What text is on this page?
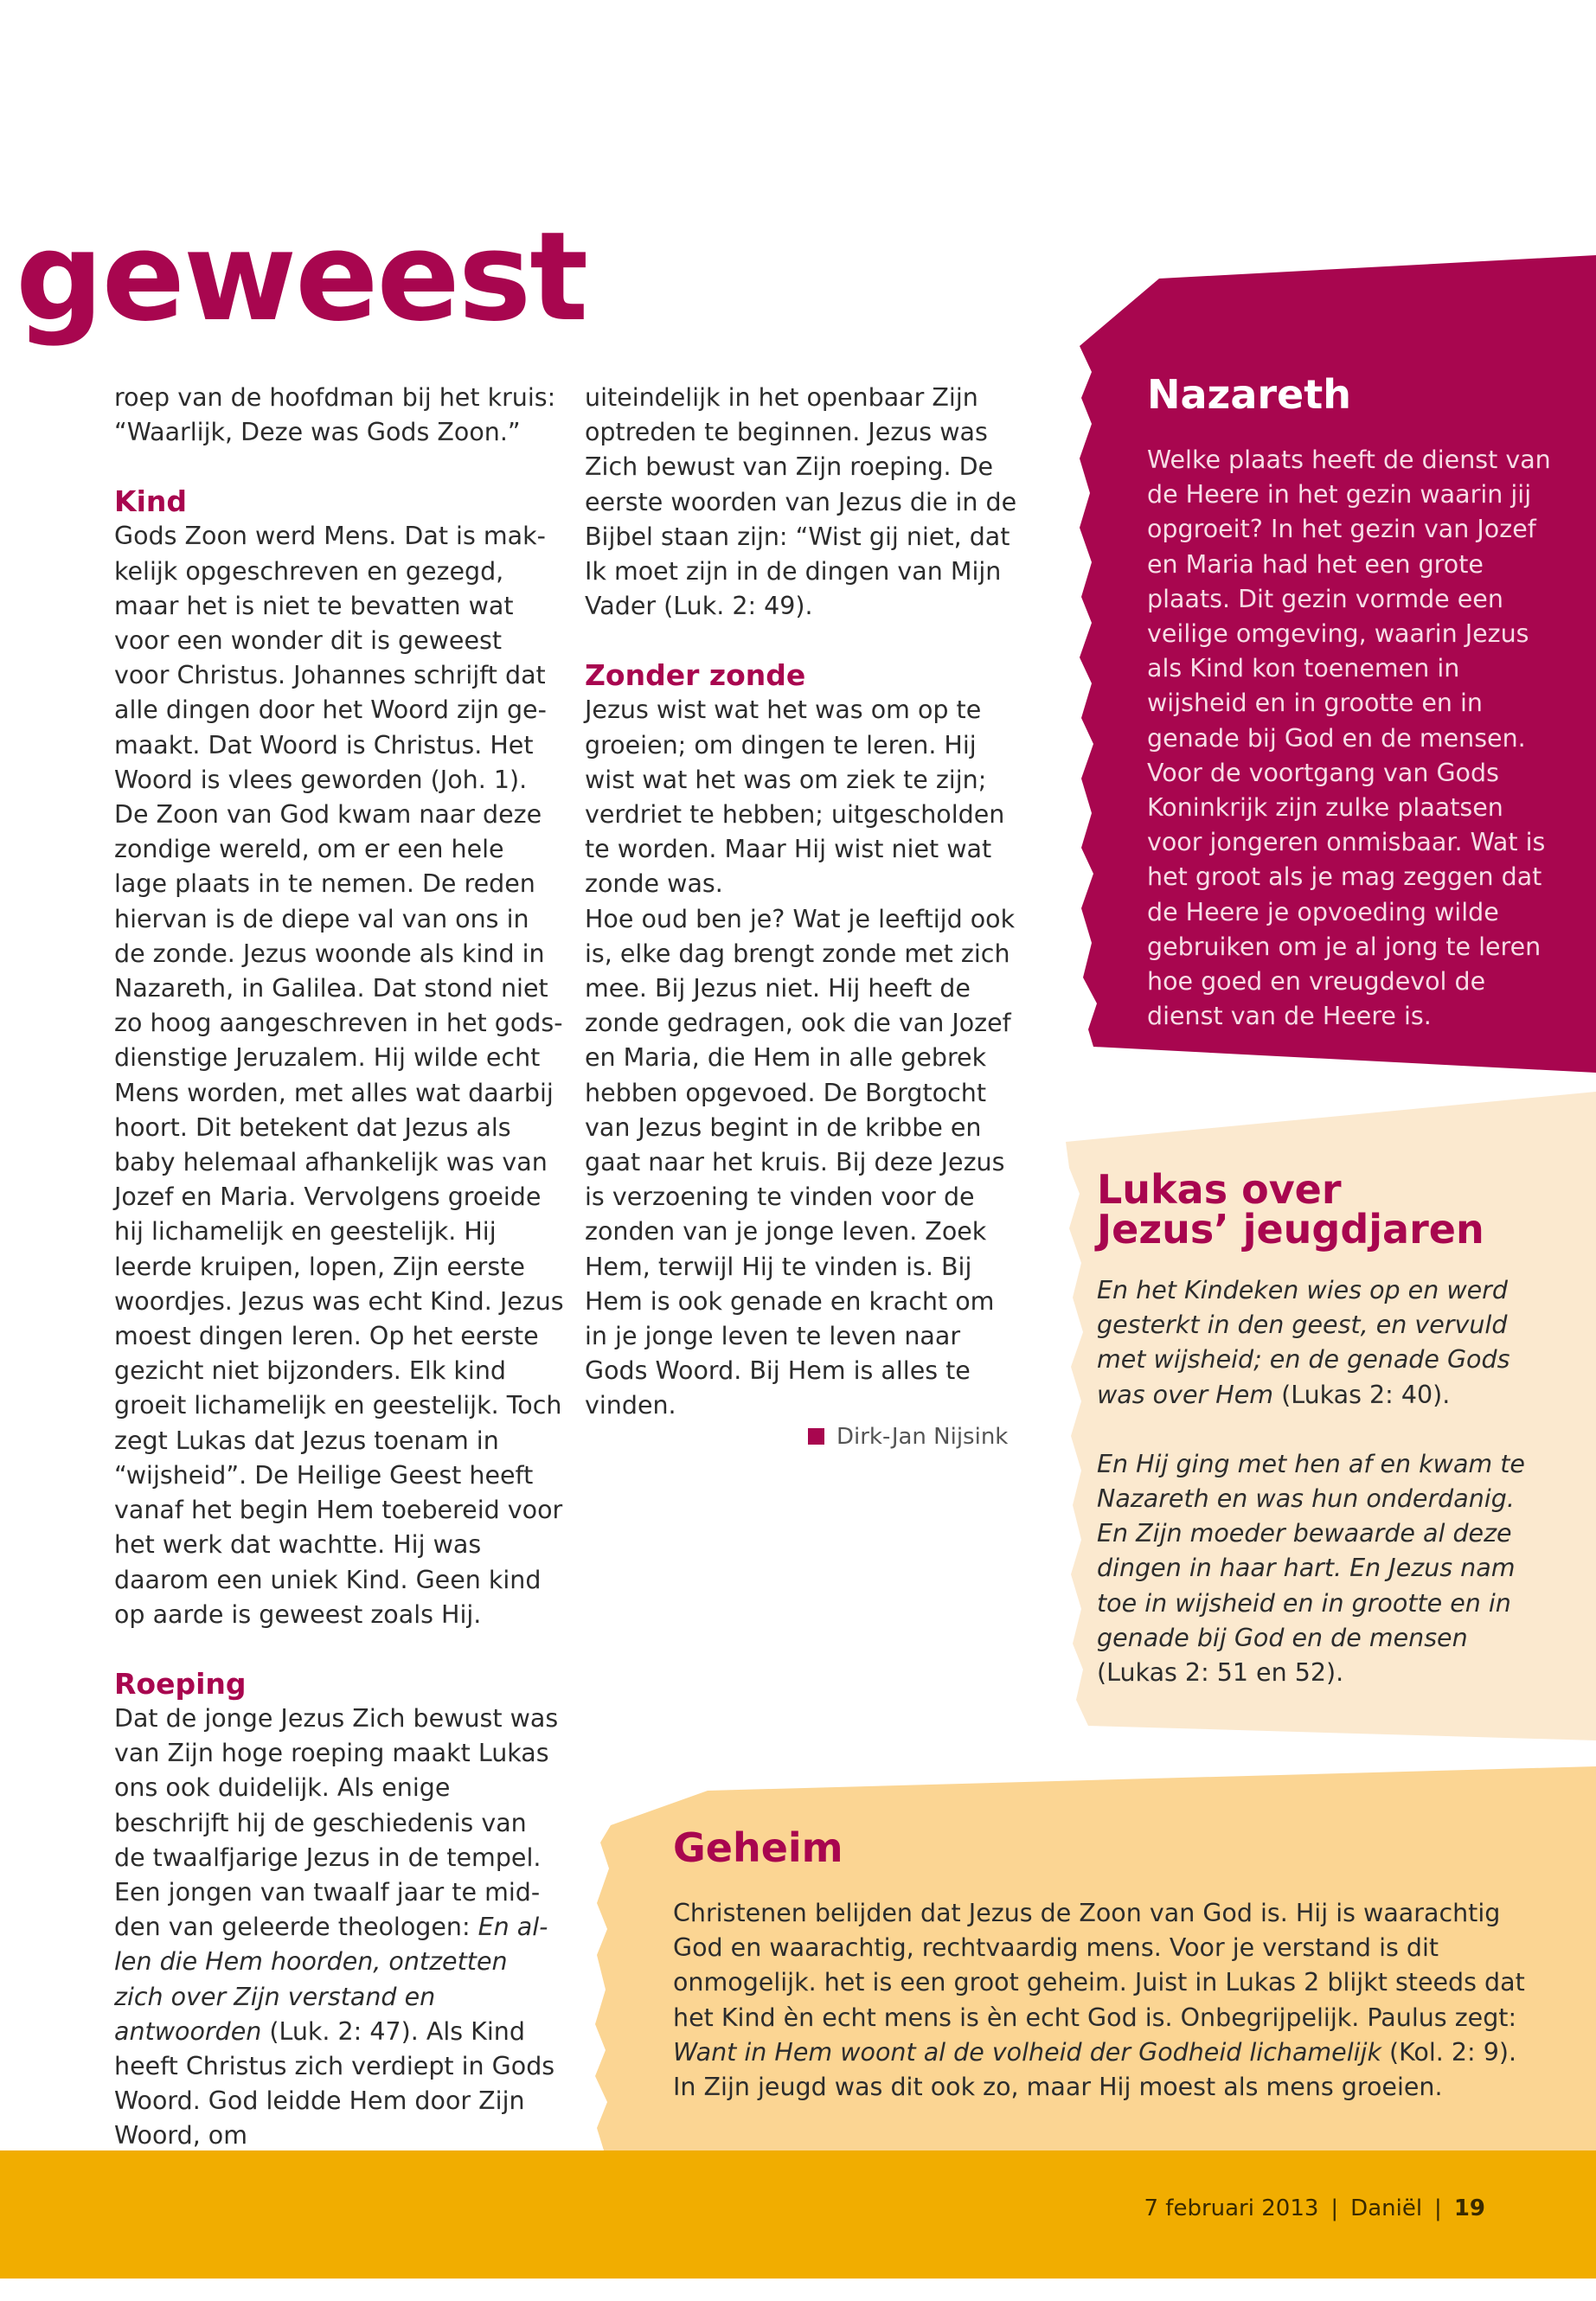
geweest

roep van de hoofdman bij het kruis: “Waarlijk, Deze was Gods Zoon.”

Kind

Gods Zoon werd Mens. Dat is makkelijk opgeschreven en gezegd, maar het is niet te bevatten wat voor een wonder dit is geweest voor Christus. Johannes schrijft dat alle dingen door het Woord zijn gemaakt. Dat Woord is Christus. Het Woord is vlees geworden (Joh. 1). De Zoon van God kwam naar deze zondige wereld, om er een hele lage plaats in te nemen. De reden hiervan is de diepe val van ons in de zonde. Jezus woonde als kind in Nazareth, in Galilea. Dat stond niet zo hoog aangeschreven in het godsdienstige Jeruzalem. Hij wilde echt Mens worden, met alles wat daarbij hoort. Dit betekent dat Jezus als baby helemaal afhankelijk was van Jozef en Maria. Vervolgens groeide hij lichamelijk en geestelijk. Hij leerde kruipen, lopen, Zijn eerste woordjes. Jezus was echt Kind. Jezus moest dingen leren. Op het eerste gezicht niet bijzonders. Elk kind groeit lichamelijk en geestelijk. Toch zegt Lukas dat Jezus toenam in “wijsheid”. De Heilige Geest heeft vanaf het begin Hem toebereid voor het werk dat wachtte. Hij was daarom een uniek Kind. Geen kind op aarde is geweest zoals Hij.

Roeping

Dat de jonge Jezus Zich bewust was van Zijn hoge roeping maakt Lukas ons ook duidelijk. Als enige beschrijft hij de geschiedenis van de twaalfjarige Jezus in de tempel. Een jongen van twaalf jaar te midden van geleerde theologen: En allen die Hem hoorden, ontzetten zich over Zijn verstand en antwoorden (Luk. 2: 47). Als Kind heeft Christus zich verdiept in Gods Woord. God leidde Hem door Zijn Woord, om

uiteindelijk in het openbaar Zijn optreden te beginnen. Jezus was Zich bewust van Zijn roeping. De eerste woorden van Jezus die in de Bijbel staan zijn: “Wist gij niet, dat Ik moet zijn in de dingen van Mijn Vader (Luk. 2: 49).

Zonder zonde

Jezus wist wat het was om op te groeien; om dingen te leren. Hij wist wat het was om ziek te zijn; verdriet te hebben; uitgescholden te worden. Maar Hij wist niet wat zonde was.

Hoe oud ben je? Wat je leeftijd ook is, elke dag brengt zonde met zich mee. Bij Jezus niet. Hij heeft de zonde gedragen, ook die van Jozef en Maria, die Hem in alle gebrek hebben opgevoed. De Borgtocht van Jezus begint in de kribbe en gaat naar het kruis. Bij deze Jezus is verzoening te vinden voor de zonden van je jonge leven. Zoek Hem, terwijl Hij te vinden is. Bij Hem is ook genade en kracht om in je jonge leven te leven naar Gods Woord. Bij Hem is alles te vinden.

Dirk-Jan Nijsink
Nazareth

Welke plaats heeft de dienst van de Heere in het gezin waarin jij opgroeit? In het gezin van Jozef en Maria had het een grote plaats. Dit gezin vormde een veilige omgeving, waarin Jezus als Kind kon toenemen in wijsheid en in grootte en in genade bij God en de mensen. Voor de voortgang van Gods Koninkrijk zijn zulke plaatsen voor jongeren onmisbaar. Wat is het groot als je mag zeggen dat de Heere je opvoeding wilde gebruiken om je al jong te leren hoe goed en vreugdevol de dienst van de Heere is.

Lukas over
Jezus’ jeugdjaren

En het Kindeken wies op en werd gesterkt in den geest, en vervuld met wijsheid; en de genade Gods was over Hem (Lukas 2: 40).

En Hij ging met hen af en kwam te Nazareth en was hun onderdanig. En Zijn moeder bewaarde al deze dingen in haar hart. En Jezus nam toe in wijsheid en in grootte en in genade bij God en de mensen (Lukas 2: 51 en 52).

Geheim

Christenen belijden dat Jezus de Zoon van God is. Hij is waarachtig God en waarachtig, rechtvaardig mens. Voor je verstand is dit onmogelijk. het is een groot geheim. Juist in Lukas 2 blijkt steeds dat het Kind èn echt mens is èn echt God is. Onbegrijpelijk. Paulus zegt: Want in Hem woont al de volheid der Godheid lichamelijk (Kol. 2: 9). In Zijn jeugd was dit ook zo, maar Hij moest als mens groeien.

7 februari 2013 | Daniël | 19
